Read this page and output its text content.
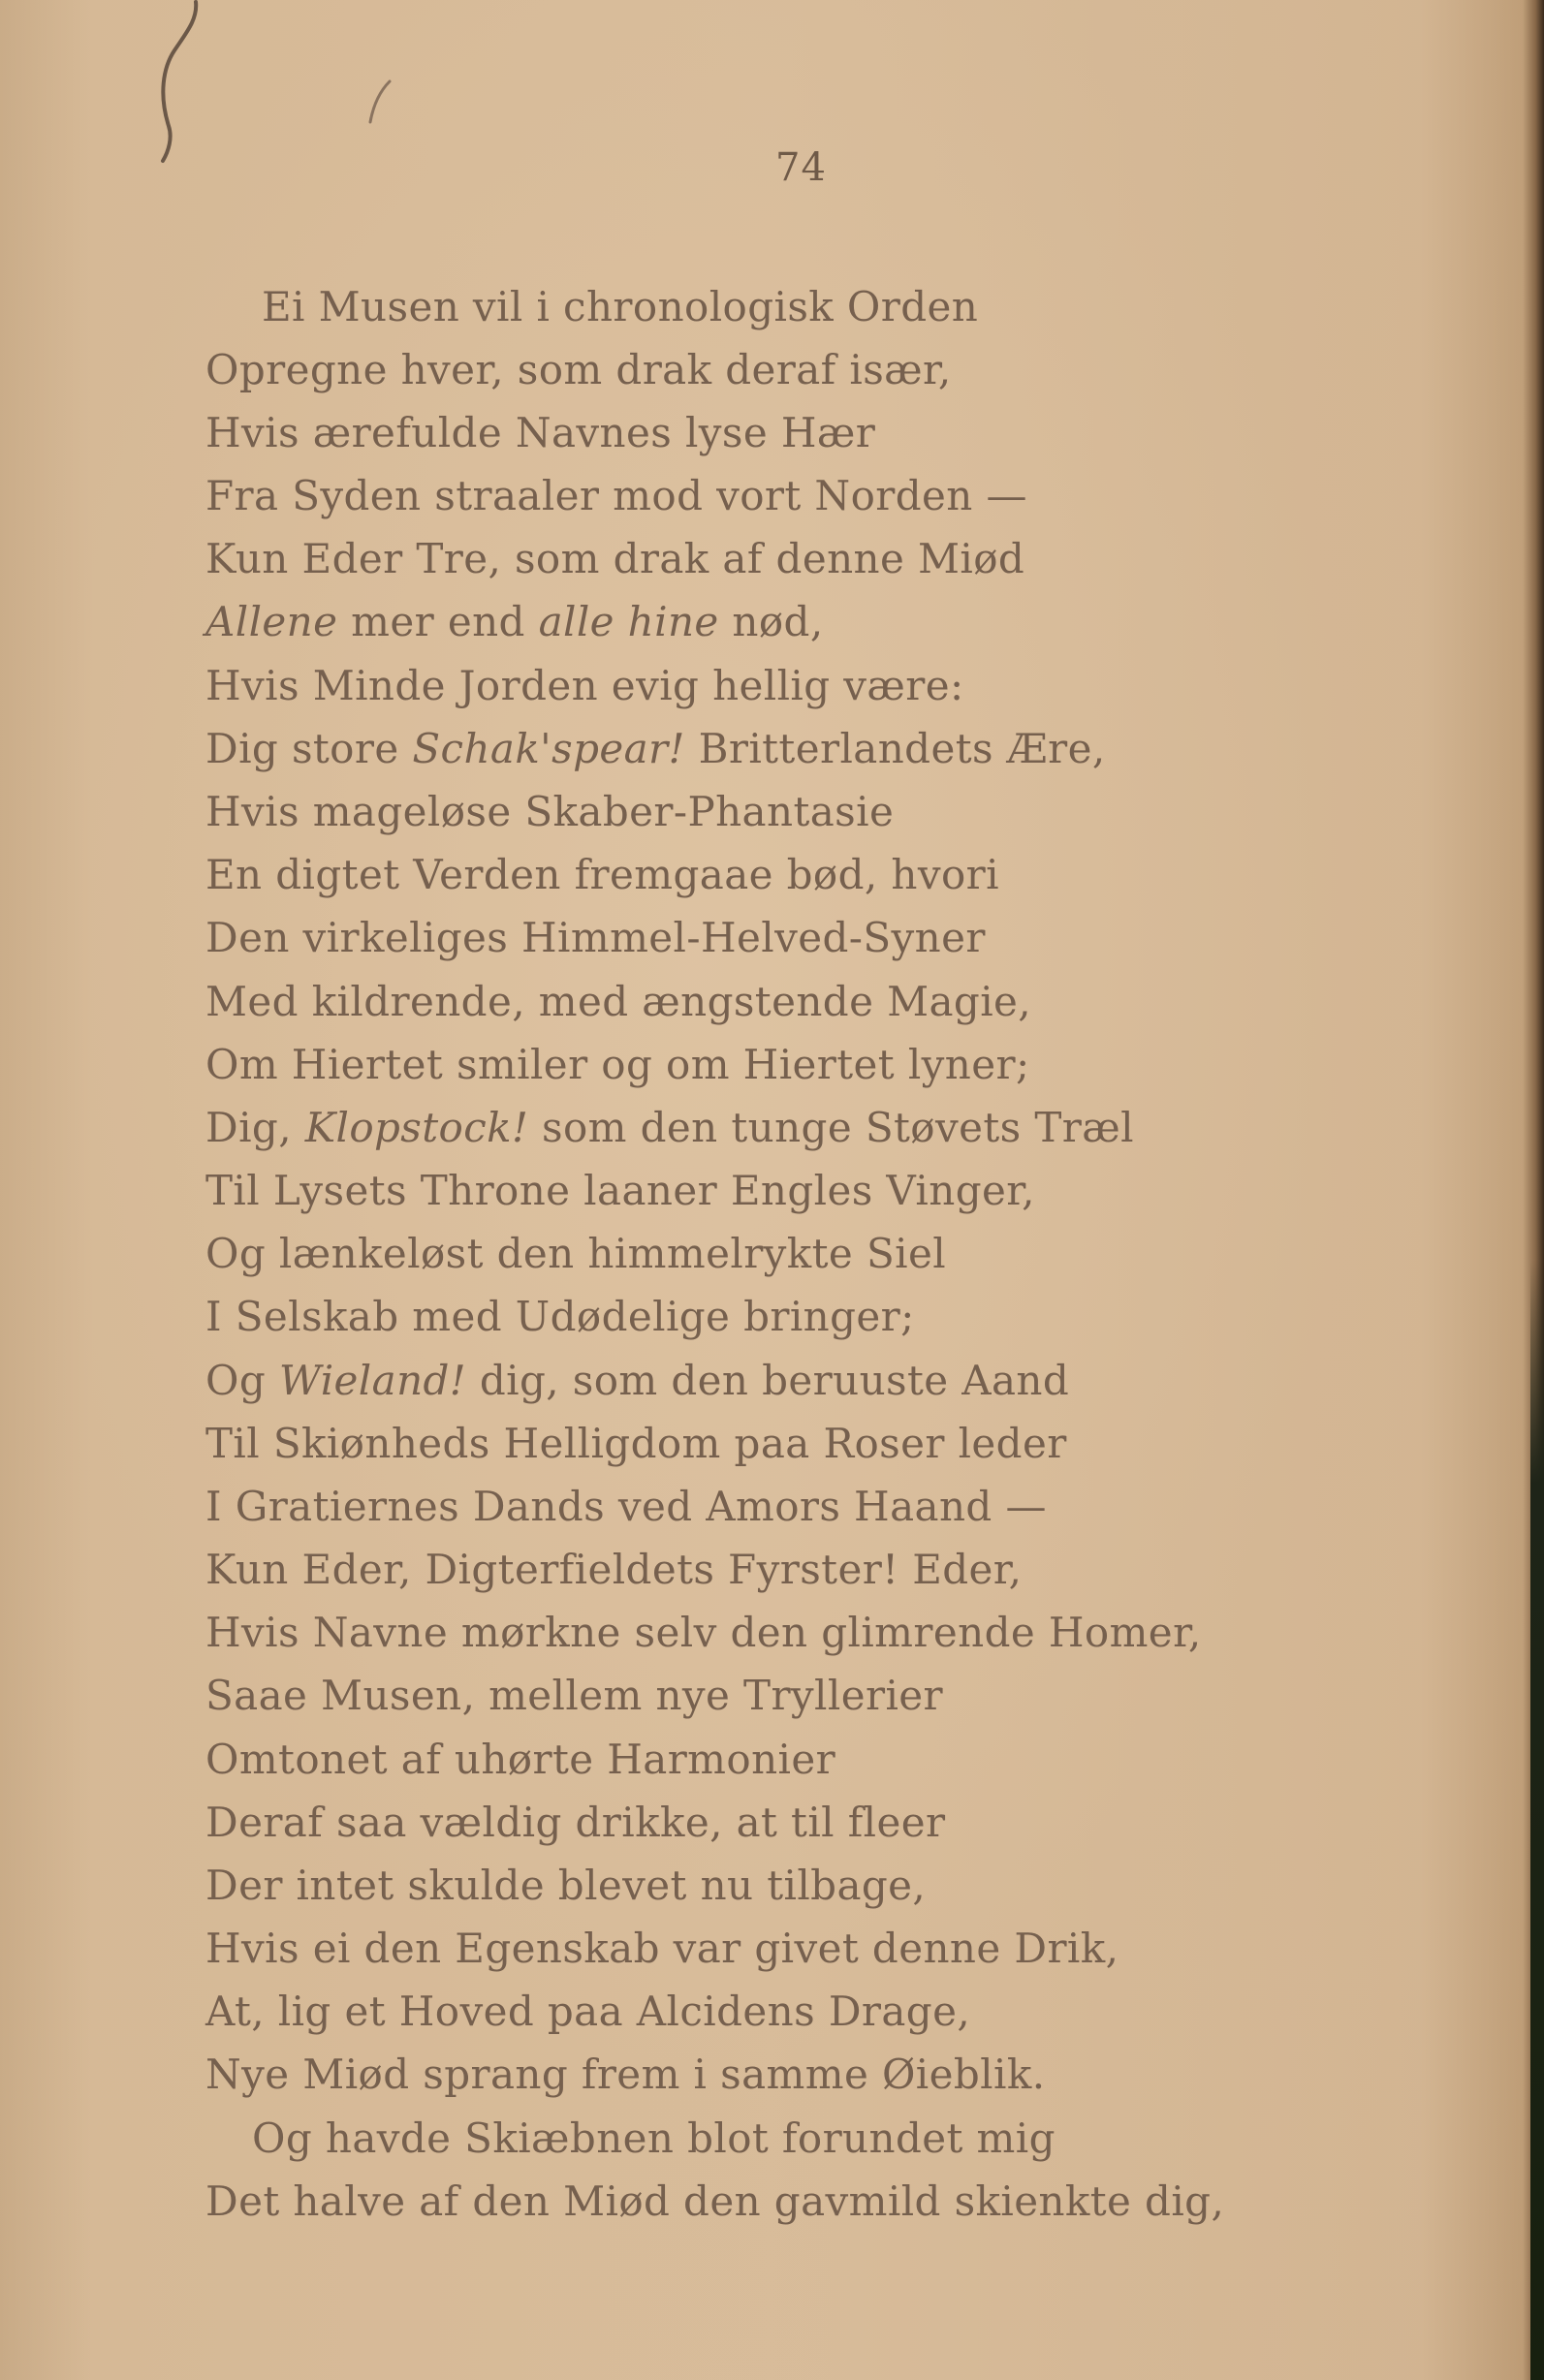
74
Ei Musen vil i chronologisk Orden
Opregne hver, som drak deraf især,
Hvis ærefulde Navnes lyse Hær
Fra Syden straaler mod vort Norden —
Kun Eder Tre, som drak af denne Miød
Allene mer end alle hine nød,
Hvis Minde Jorden evig hellig være:
Dig store Schak'spear! Britterlandets Ære,
Hvis mageløse Skaber-Phantasie
En digtet Verden fremgaae bød, hvori
Den virkeliges Himmel-Helved-Syner
Med kildrende, med ængstende Magie,
Om Hiertet smiler og om Hiertet lyner;
Dig, Klopstock! som den tunge Støvets Træl
Til Lysets Throne laaner Engles Vinger,
Og lænkeløst den himmelrykte Siel
I Selskab med Udødelige bringer;
Og Wieland! dig, som den beruuste Aand
Til Skiønheds Helligdom paa Roser leder
I Gratiernes Dands ved Amors Haand —
Kun Eder, Digterfieldets Fyrster! Eder,
Hvis Navne mørkne selv den glimrende Homer,
Saae Musen, mellem nye Tryllerier
Omtonet af uhørte Harmonier
Deraf saa vældig drikke, at til fleer
Der intet skulde blevet nu tilbage,
Hvis ei den Egenskab var givet denne Drik,
At, lig et Hoved paa Alcidens Drage,
Nye Miød sprang frem i samme Øieblik.
Og havde Skiæbnen blot forundet mig
Det halve af den Miød den gavmild skienkte dig,
